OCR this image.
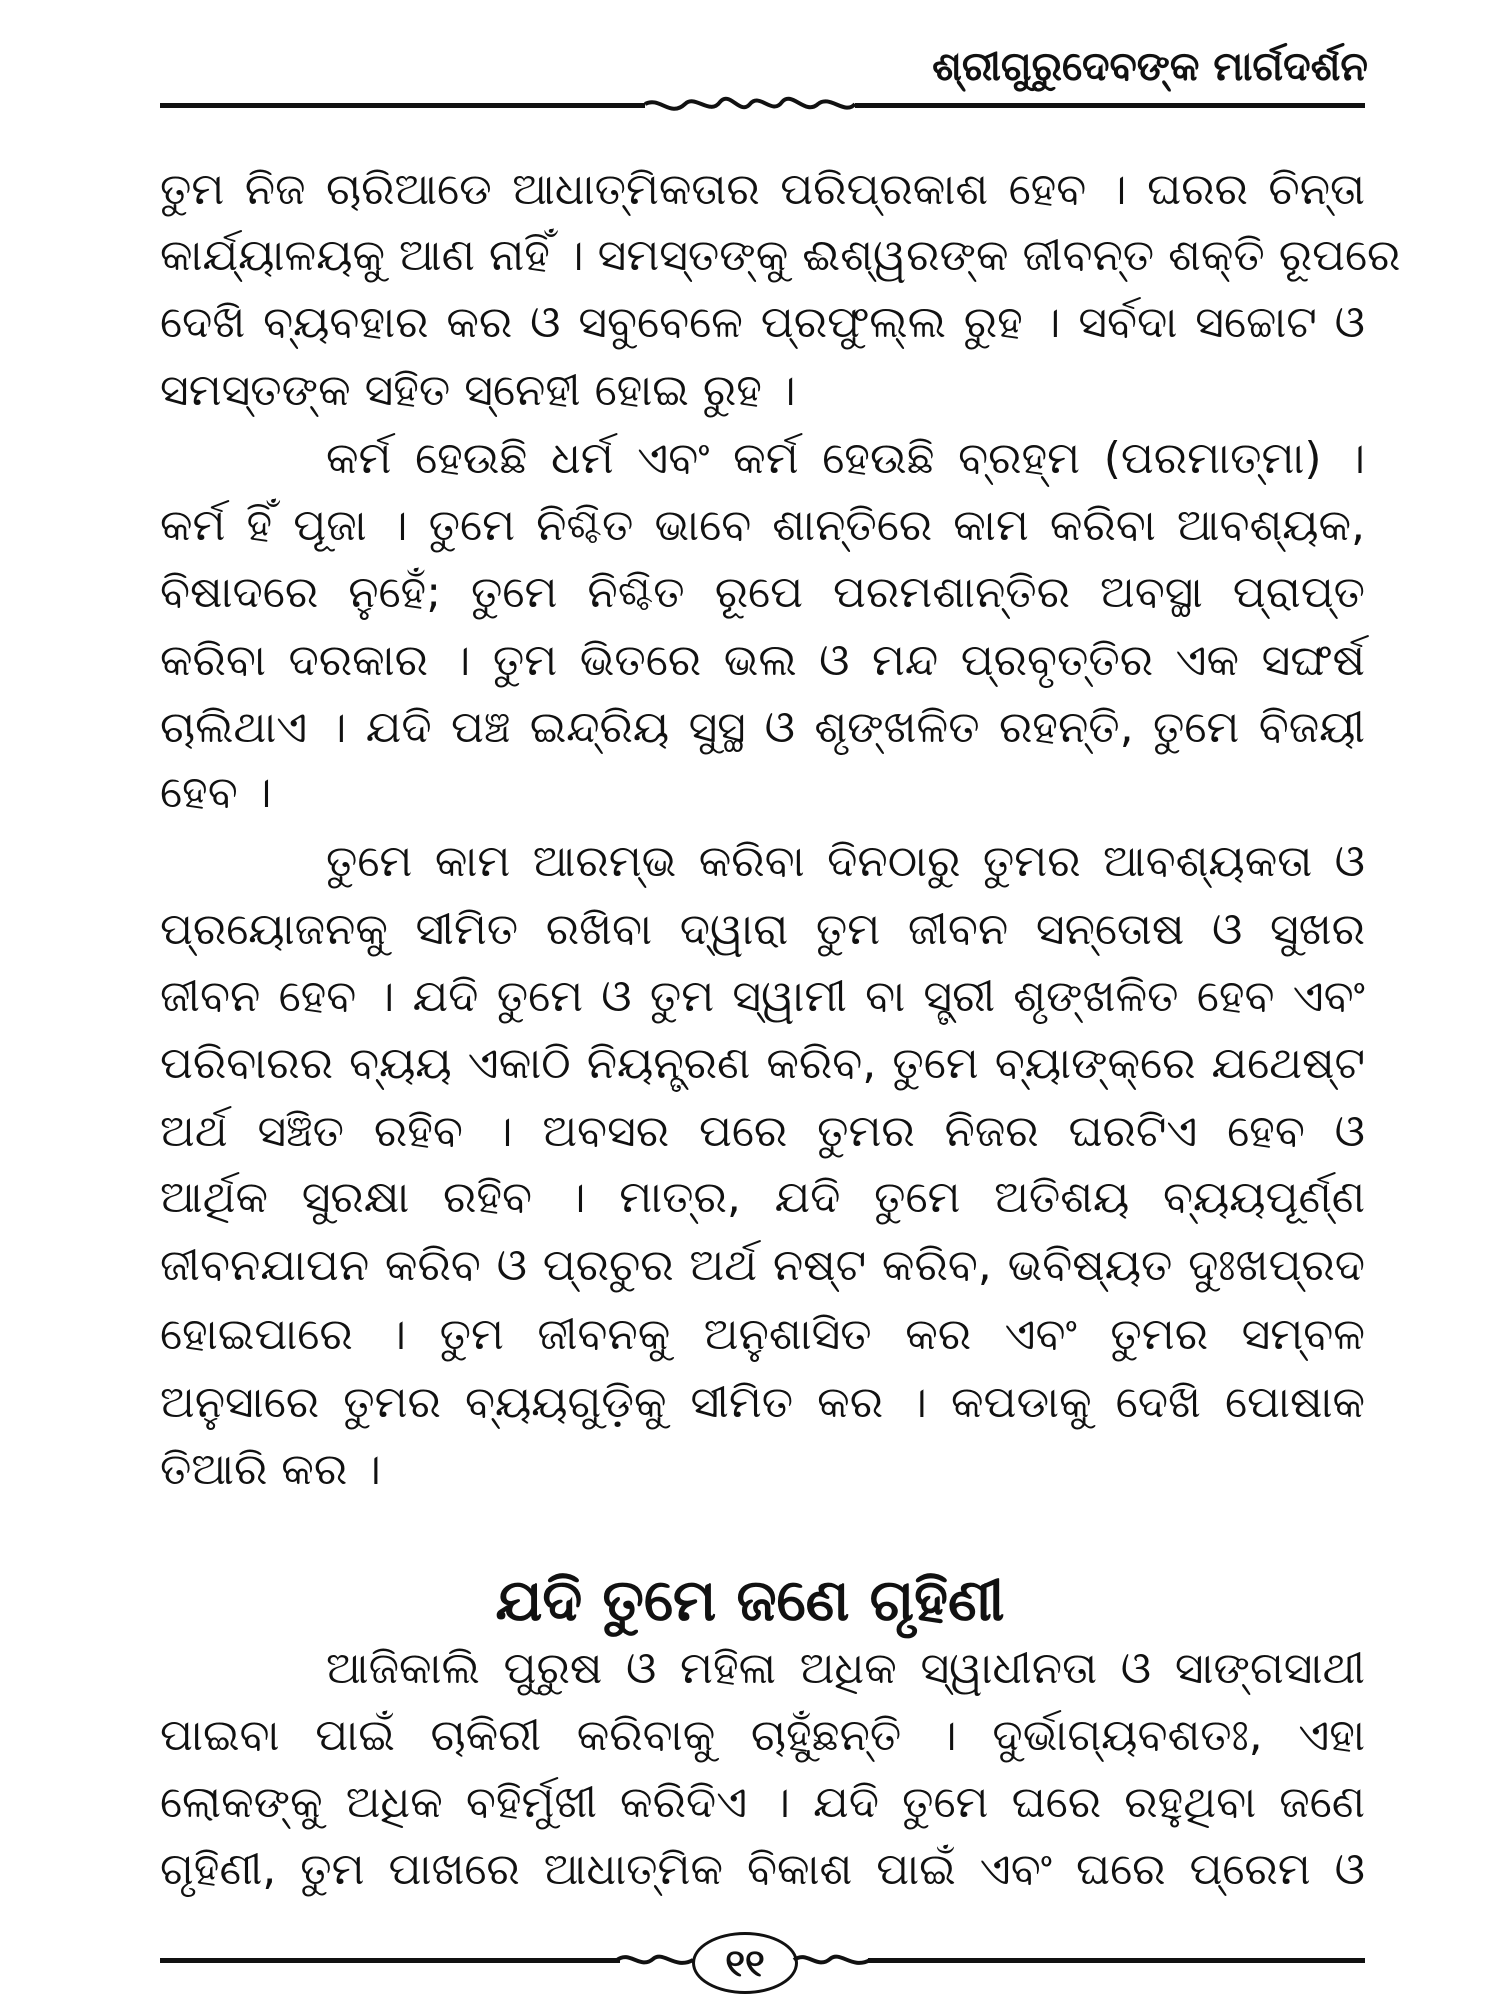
ଶ୍ରୀଗୁରୁଦେବଙ୍କ ମାର୍ଗଦର୍ଶନ
ତୁମ ନିଜ ଚାରିଆଡେ ଆଧାତ୍ମିକତାର ପରିପ୍ରକାଶ ହେବ । ଘରର ଚିନ୍ତା
କାର୍ଯ୍ୟାଳୟକୁ ଆଣ ନାହିଁ । ସମସ୍ତଙ୍କୁ ଈଶ୍ୱରଙ୍କ ଜୀବନ୍ତ ଶକ୍ତି ରୂପରେ
ଦେଖି ବ୍ୟବହାର କର ଓ ସବୁବେଳେ ପ୍ରଫୁଲ୍ଲ ରୁହ । ସର୍ବଦା ସଚ୍ଚୋଟ ଓ
ସମସ୍ତଙ୍କ ସହିତ ସ୍ନେହୀ ହୋଇ ରୁହ ।
କର୍ମ ହେଉଛି ଧର୍ମ ଏବଂ କର୍ମ ହେଉଛି ବ୍ରହ୍ମ (ପରମାତ୍ମା) ।
କର୍ମ ହିଁ ପୂଜା । ତୁମେ ନିଶ୍ଚିତ ଭାବେ ଶାନ୍ତିରେ କାମ କରିବା ଆବଶ୍ୟକ,
ବିଷାଦରେ ନୁହେଁ; ତୁମେ ନିଶ୍ଚିତ ରୂପେ ପରମଶାନ୍ତିର ଅବସ୍ଥା ପ୍ରାପ୍ତ
କରିବା ଦରକାର । ତୁମ ଭିତରେ ଭଲ ଓ ମନ୍ଦ ପ୍ରବୃତ୍ତିର ଏକ ସଙ୍ଘର୍ଷ
ଚାଲିଥାଏ । ଯଦି ପଞ୍ଚ ଇନ୍ଦ୍ରିୟ ସୁସ୍ଥ ଓ ଶୃଙ୍ଖଳିତ ରହନ୍ତି, ତୁମେ ବିଜୟୀ
ହେବ ।
ତୁମେ କାମ ଆରମ୍ଭ କରିବା ଦିନଠାରୁ ତୁମର ଆବଶ୍ୟକତା ଓ
ପ୍ରୟୋଜନକୁ ସୀମିତ ରଖିବା ଦ୍ୱାରା ତୁମ ଜୀବନ ସନ୍ତୋଷ ଓ ସୁଖର
ଜୀବନ ହେବ । ଯଦି ତୁମେ ଓ ତୁମ ସ୍ୱାମୀ ବା ସ୍ତ୍ରୀ ଶୃଙ୍ଖଳିତ ହେବ ଏବଂ
ପରିବାରର ବ୍ୟୟ ଏକାଠି ନିୟନ୍ତ୍ରଣ କରିବ, ତୁମେ ବ୍ୟାଙ୍କ୍‌ରେ ଯଥେଷ୍ଟ
ଅର୍ଥ ସଞ୍ଚିତ ରହିବ । ଅବସର ପରେ ତୁମର ନିଜର ଘରଟିଏ ହେବ ଓ
ଆର୍ଥିକ ସୁରକ୍ଷା ରହିବ । ମାତ୍ର, ଯଦି ତୁମେ ଅତିଶୟ ବ୍ୟୟପୂର୍ଣ୍ଣ
ଜୀବନଯାପନ କରିବ ଓ ପ୍ରଚୁର ଅର୍ଥ ନଷ୍ଟ କରିବ, ଭବିଷ୍ୟତ ଦୁଃଖପ୍ରଦ
ହୋଇପାରେ । ତୁମ ଜୀବନକୁ ଅନୁଶାସିତ କର ଏବଂ ତୁମର ସମ୍ବଳ
ଅନୁସାରେ ତୁମର ବ୍ୟୟଗୁଡ଼ିକୁ ସୀମିତ କର । କପଡାକୁ ଦେଖି ପୋଷାକ
ତିଆରି କର ।
ଯଦି ତୁମେ ଜଣେ ଗୃହିଣୀ
ଆଜିକାଲି ପୁରୁଷ ଓ ମହିଳା ଅଧିକ ସ୍ୱାଧୀନତା ଓ ସାଙ୍ଗସାଥୀ
ପାଇବା ପାଇଁ ଚାକିରୀ କରିବାକୁ ଚାହୁଁଛନ୍ତି । ଦୁର୍ଭାଗ୍ୟବଶତଃ, ଏହା
ଲୋକଙ୍କୁ ଅଧିକ ବହିର୍ମୁଖୀ କରିଦିଏ । ଯଦି ତୁମେ ଘରେ ରହୁଥିବା ଜଣେ
ଗୃହିଣୀ, ତୁମ ପାଖରେ ଆଧାତ୍ମିକ ବିକାଶ ପାଇଁ ଏବଂ ଘରେ ପ୍ରେମ ଓ
୧୧
